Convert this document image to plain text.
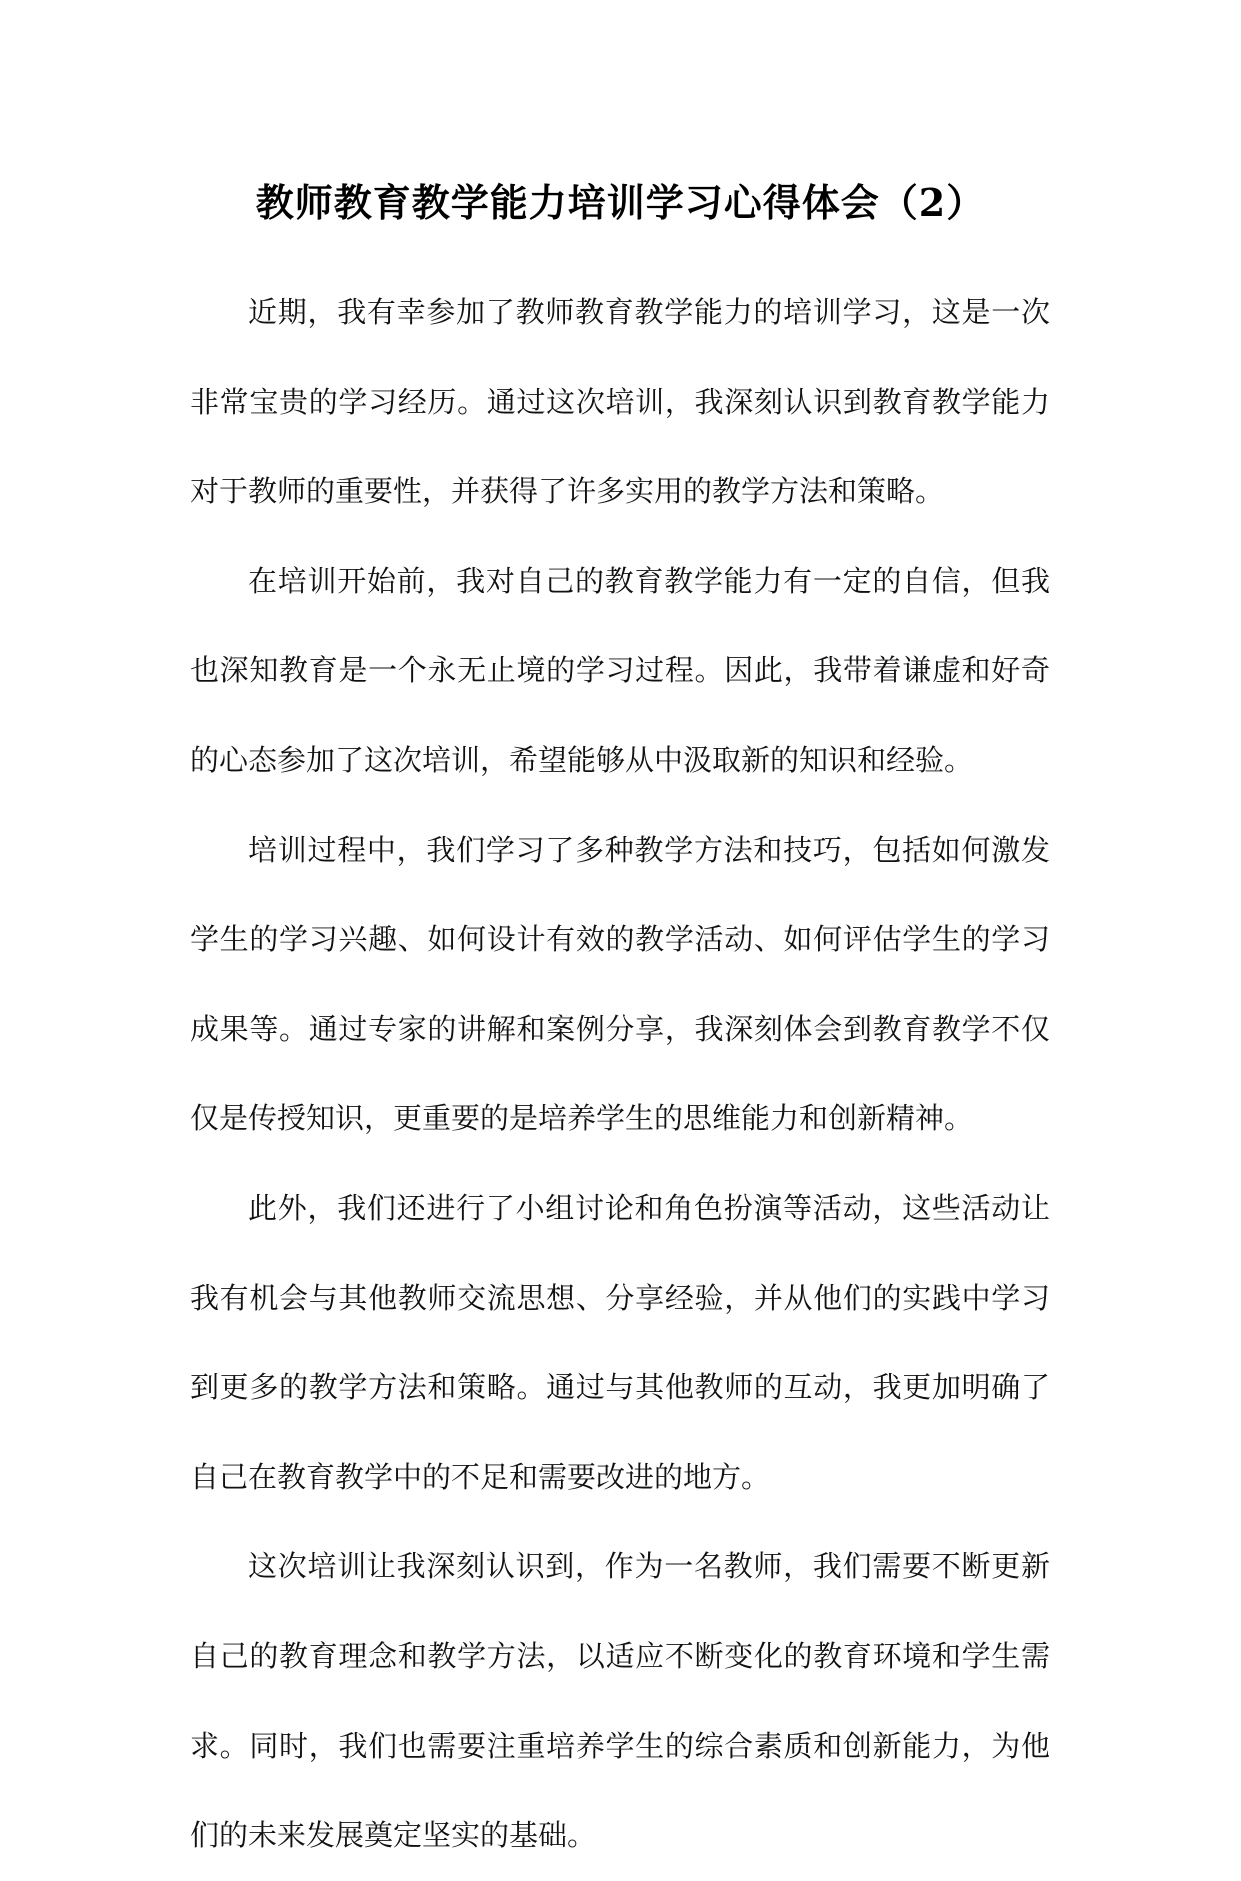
教师教育教学能力培训学习心得体会（2）

近期，我有幸参加了教师教育教学能力的培训学习，这是一次非常宝贵的学习经历。通过这次培训，我深刻认识到教育教学能力对于教师的重要性，并获得了许多实用的教学方法和策略。

在培训开始前，我对自己的教育教学能力有一定的自信，但我也深知教育是一个永无止境的学习过程。因此，我带着谦虚和好奇的心态参加了这次培训，希望能够从中汲取新的知识和经验。

培训过程中，我们学习了多种教学方法和技巧，包括如何激发学生的学习兴趣、如何设计有效的教学活动、如何评估学生的学习成果等。通过专家的讲解和案例分享，我深刻体会到教育教学不仅仅是传授知识，更重要的是培养学生的思维能力和创新精神。

此外，我们还进行了小组讨论和角色扮演等活动，这些活动让我有机会与其他教师交流思想、分享经验，并从他们的实践中学习到更多的教学方法和策略。通过与其他教师的互动，我更加明确了自己在教育教学中的不足和需要改进的地方。

这次培训让我深刻认识到，作为一名教师，我们需要不断更新自己的教育理念和教学方法，以适应不断变化的教育环境和学生需求。同时，我们也需要注重培养学生的综合素质和创新能力，为他们的未来发展奠定坚实的基础。
